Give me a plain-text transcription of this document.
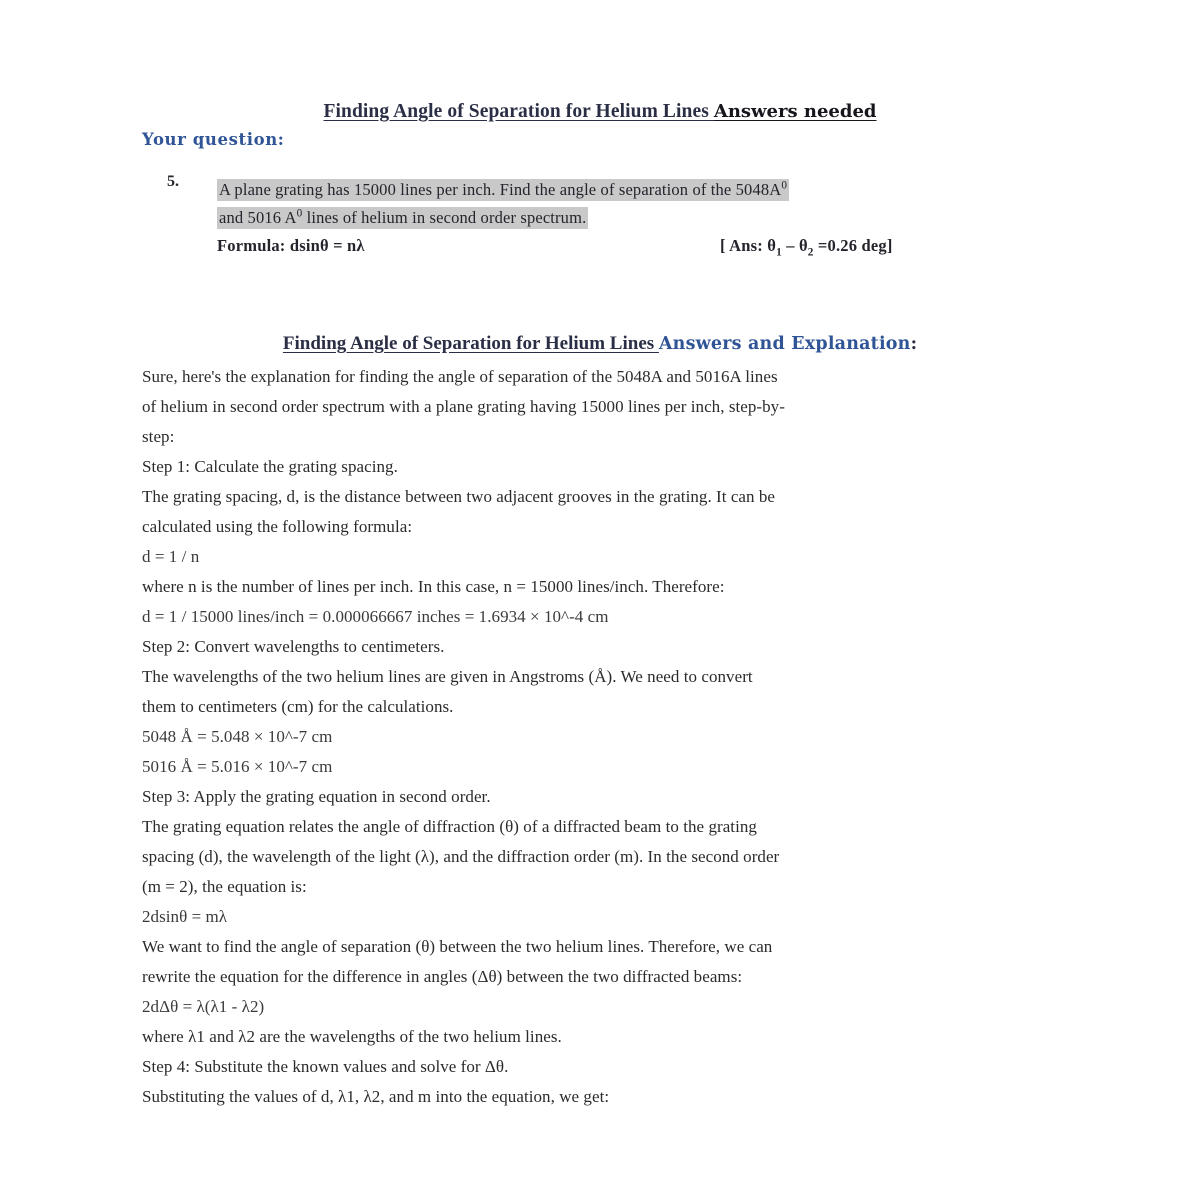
Finding Angle of Separation for Helium Lines Answers needed
Your question:
5. A plane grating has 15000 lines per inch. Find the angle of separation of the $5048A^0$
and 5016 $A^0$ lines of helium in second order spectrum.
Formula: dsinθ = nλ	[ Ans: $\theta_1 - \theta_2 =0.26$ deg]
Finding Angle of Separation for Helium Lines Answers and Explanation:

Sure, here's the explanation for finding the angle of separation of the 5048A and 5016A lines

of helium in second order spectrum with a plane grating having 15000 lines per inch, step-by-

step:

Step 1: Calculate the grating spacing.

The grating spacing, d, is the distance between two adjacent grooves in the grating. It can be

calculated using the following formula:

d = 1 / n

where n is the number of lines per inch. In this case, n = 15000 lines/inch. Therefore:

d = 1 / 15000 lines/inch = 0.000066667 inches = 1.6934 × 10^-4 cm

Step 2: Convert wavelengths to centimeters.

The wavelengths of the two helium lines are given in Angstroms (Å). We need to convert

them to centimeters (cm) for the calculations.

5048 Å = 5.048 × 10^-7 cm

5016 Å = 5.016 × 10^-7 cm

Step 3: Apply the grating equation in second order.

The grating equation relates the angle of diffraction (θ) of a diffracted beam to the grating

spacing (d), the wavelength of the light (λ), and the diffraction order (m). In the second order

(m = 2), the equation is:

2dsinθ = mλ

We want to find the angle of separation (θ) between the two helium lines. Therefore, we can

rewrite the equation for the difference in angles (Δθ) between the two diffracted beams:

2dΔθ = λ(λ1 - λ2)

where λ1 and λ2 are the wavelengths of the two helium lines.

Step 4: Substitute the known values and solve for Δθ.

Substituting the values of d, λ1, λ2, and m into the equation, we get:
